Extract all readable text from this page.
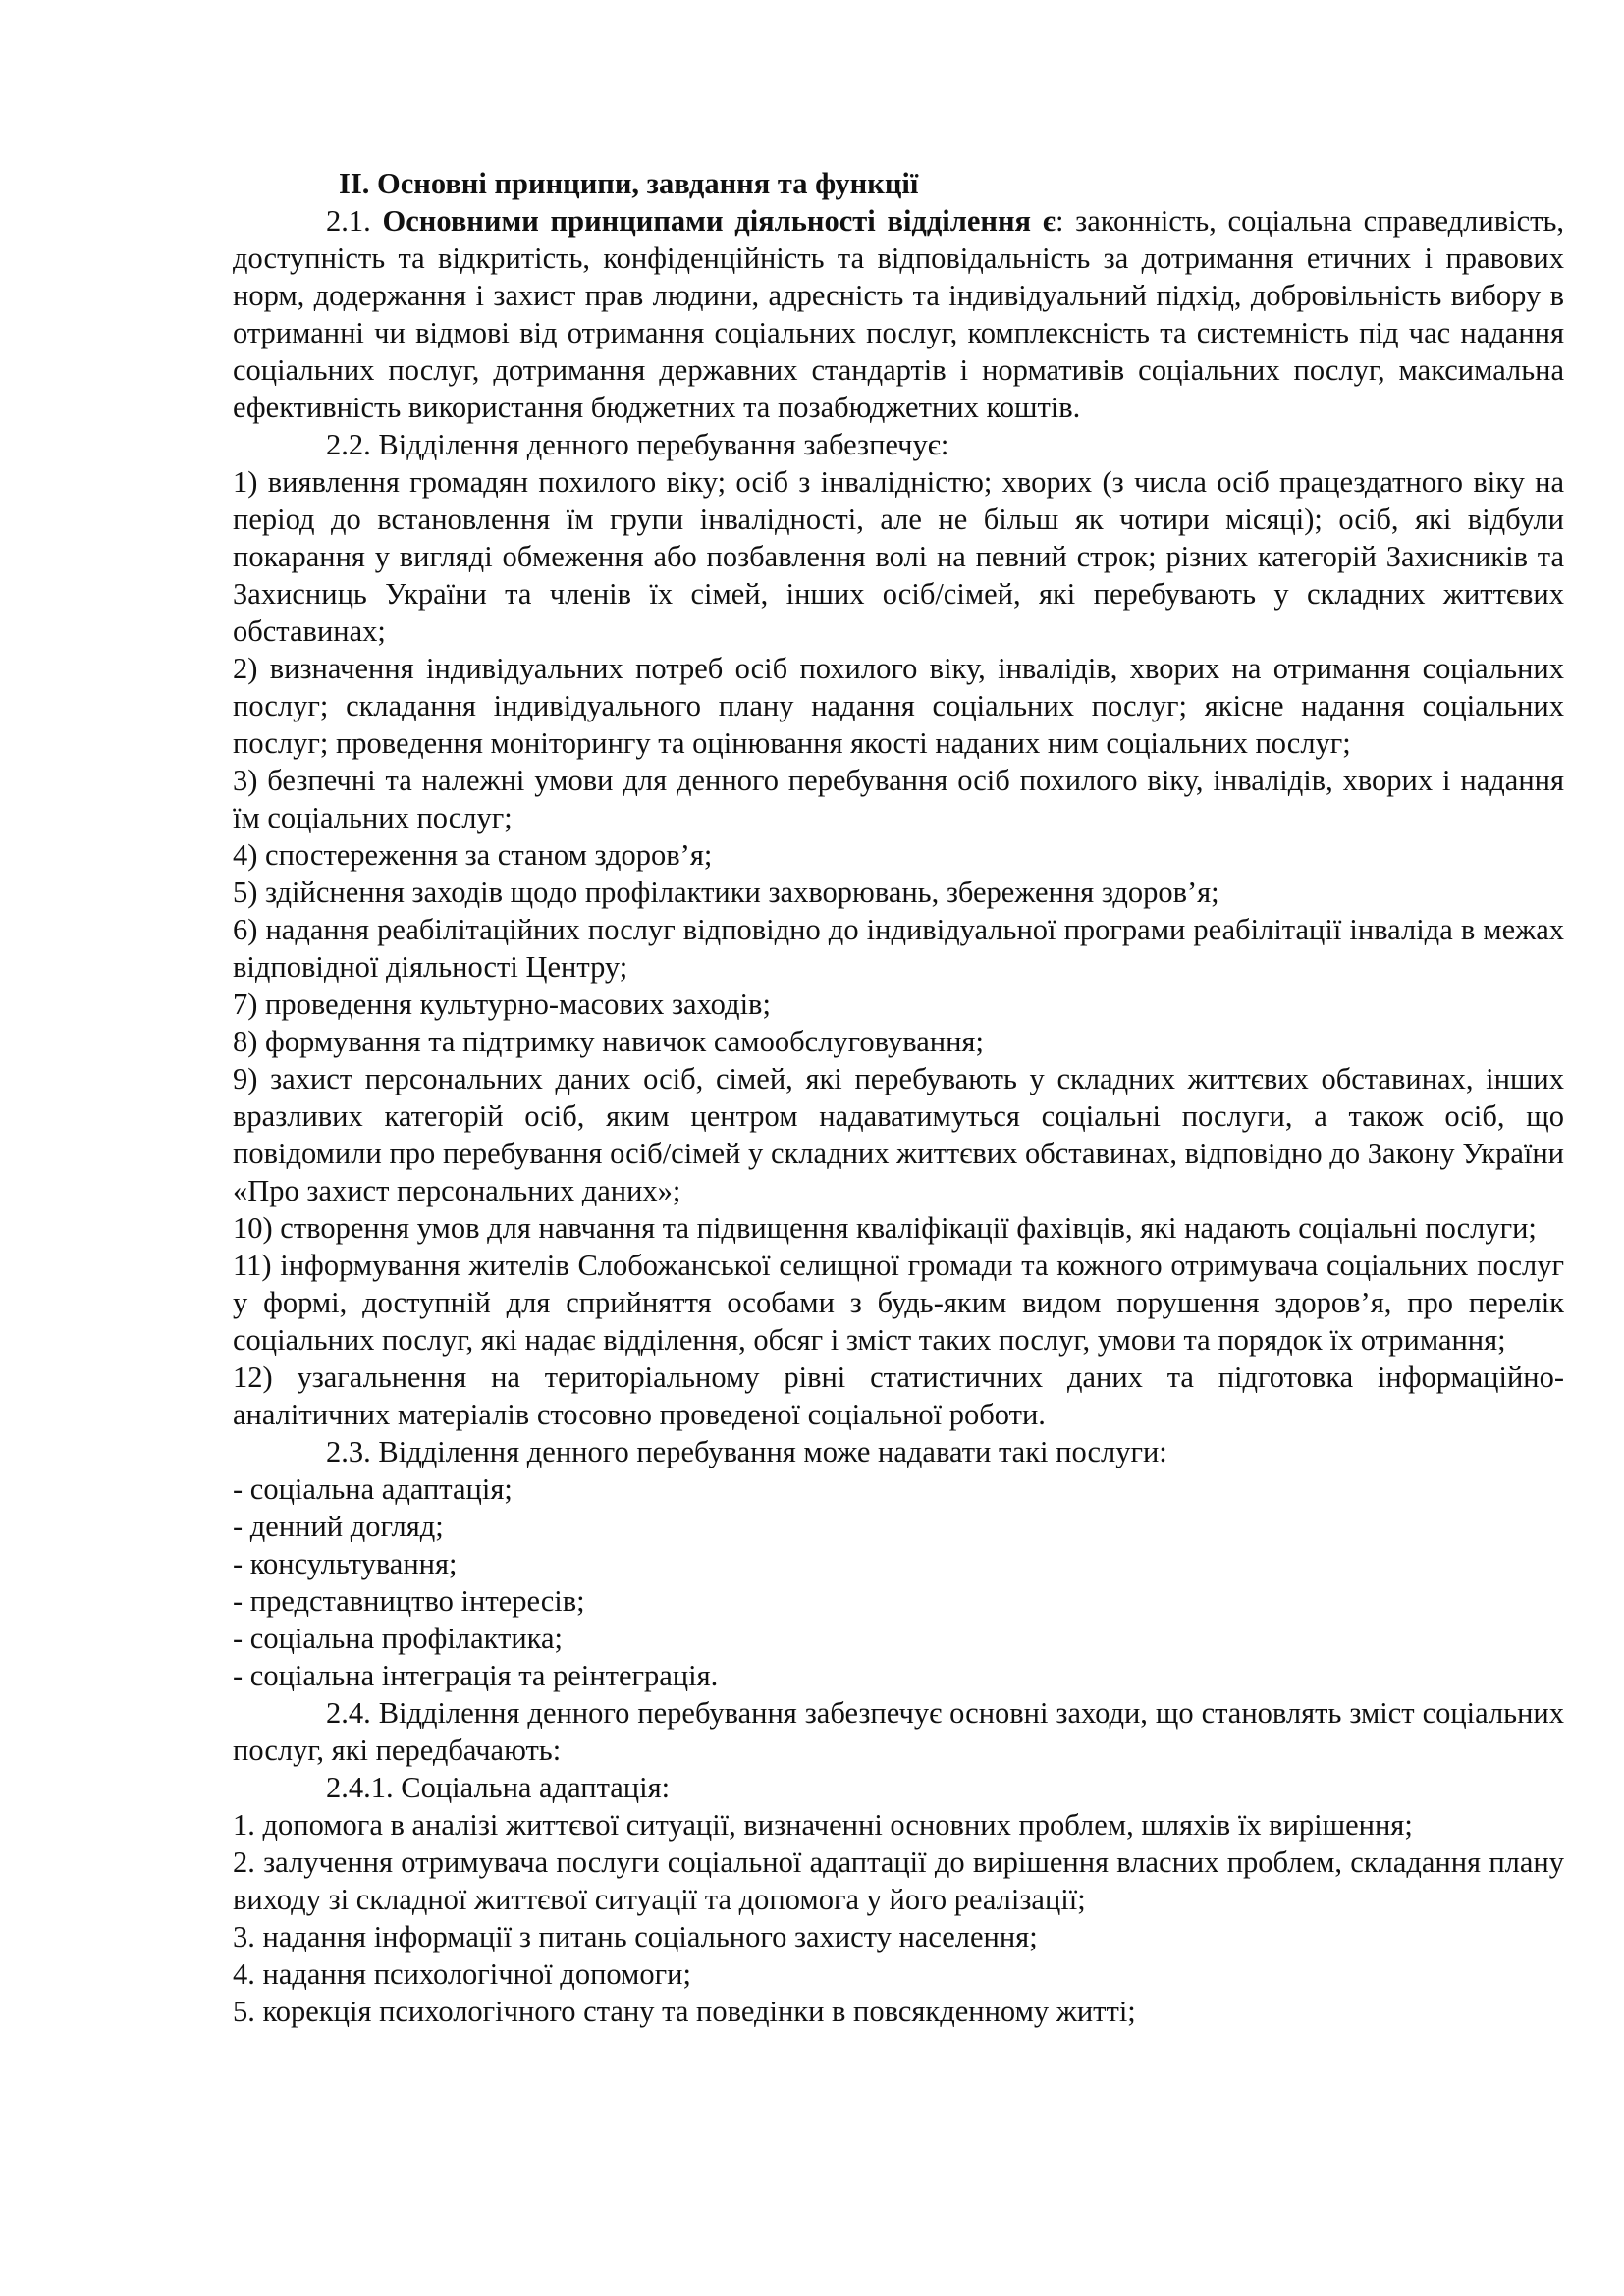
ІІ. Основні принципи, завдання та функції

2.1. Основними принципами діяльності відділення є: законність, соціальна справедливість, доступність та відкритість, конфіденційність та відповідальність за дотримання етичних і правових норм, додержання і захист прав людини, адресність та індивідуальний підхід, добровільність вибору в отриманні чи відмові від отримання соціальних послуг, комплексність та системність під час надання соціальних послуг, дотримання державних стандартів і нормативів соціальних послуг, максимальна ефективність використання бюджетних та позабюджетних коштів.

2.2. Відділення денного перебування забезпечує:

1) виявлення громадян похилого віку; осіб з інвалідністю; хворих (з числа осіб працездатного віку на період до встановлення їм групи інвалідності, але не більш як чотири місяці); осіб, які відбули покарання у вигляді обмеження або позбавлення волі на певний строк; різних категорій Захисників та Захисниць України та членів їх сімей, інших осіб/сімей, які перебувають у складних життєвих обставинах;
2) визначення індивідуальних потреб осіб похилого віку, інвалідів, хворих на отримання соціальних послуг; складання індивідуального плану надання соціальних послуг; якісне надання соціальних послуг; проведення моніторингу та оцінювання якості наданих ним соціальних послуг;
3) безпечні та належні умови для денного перебування осіб похилого віку, інвалідів, хворих і надання їм соціальних послуг;
4) спостереження за станом здоров’я;
5) здійснення заходів щодо профілактики захворювань, збереження здоров’я;
6) надання реабілітаційних послуг відповідно до індивідуальної програми реабілітації інваліда в межах відповідної діяльності Центру;
7) проведення культурно-масових заходів;
8) формування та підтримку навичок самообслуговування;
9) захист персональних даних осіб, сімей, які перебувають у складних життєвих обставинах, інших вразливих категорій осіб, яким центром надаватимуться соціальні послуги, а також осіб, що повідомили про перебування осіб/сімей у складних життєвих обставинах, відповідно до Закону України «Про захист персональних даних»;
10) створення умов для навчання та підвищення кваліфікації фахівців, які надають соціальні послуги;
11) інформування жителів Слобожанської селищної громади та кожного отримувача соціальних послуг у формі, доступній для сприйняття особами з будь-яким видом порушення здоров’я, про перелік соціальних послуг, які надає відділення, обсяг і зміст таких послуг, умови та порядок їх отримання;
12) узагальнення на територіальному рівні статистичних даних та підготовка інформаційно-аналітичних матеріалів стосовно проведеної соціальної роботи.

2.3. Відділення денного перебування може надавати такі послуги:

- соціальна адаптація;
- денний догляд;
- консультування;
- представництво інтересів;
- соціальна профілактика;
- соціальна інтеграція та реінтеграція.

2.4. Відділення денного перебування забезпечує основні заходи, що становлять зміст соціальних послуг, які передбачають:

2.4.1. Соціальна адаптація:

1. допомога в аналізі життєвої ситуації, визначенні основних проблем, шляхів їх вирішення;
2. залучення отримувача послуги соціальної адаптації до вирішення власних проблем, складання плану виходу зі складної життєвої ситуації та допомога у його реалізації;
3. надання інформації з питань соціального захисту населення;
4. надання психологічної допомоги;
5. корекція психологічного стану та поведінки в повсякденному житті;
